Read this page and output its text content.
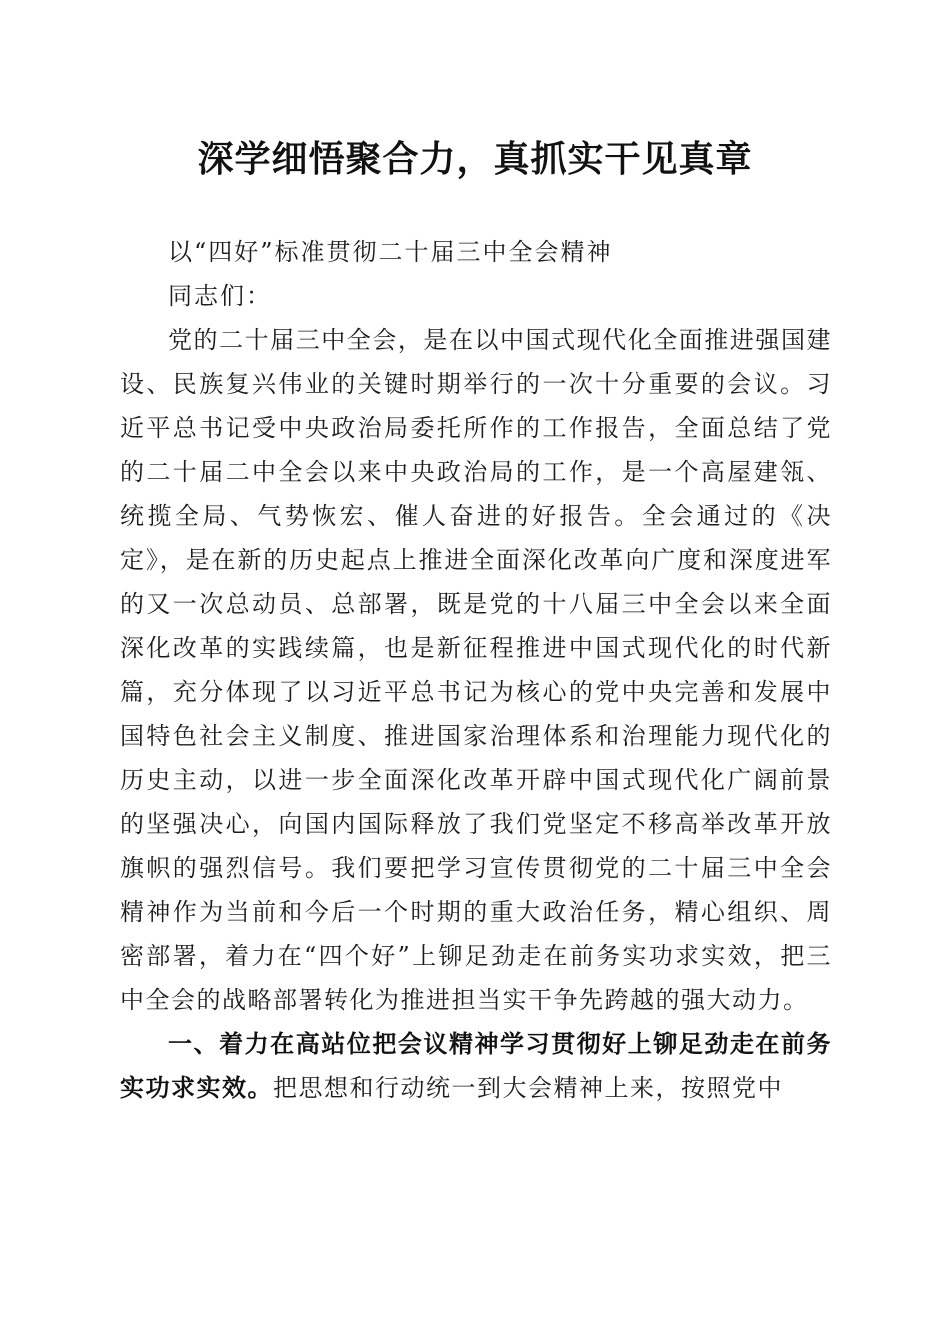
深学细悟聚合力，真抓实干见真章

以“四好”标准贯彻二十届三中全会精神

同志们：

党的二十届三中全会，是在以中国式现代化全面推进强国建设、民族复兴伟业的关键时期举行的一次十分重要的会议。习近平总书记受中央政治局委托所作的工作报告，全面总结了党的二十届二中全会以来中央政治局的工作，是一个高屋建瓴、统揽全局、气势恢宏、催人奋进的好报告。全会通过的《决定》，是在新的历史起点上推进全面深化改革向广度和深度进军的又一次总动员、总部署，既是党的十八届三中全会以来全面深化改革的实践续篇，也是新征程推进中国式现代化的时代新篇，充分体现了以习近平总书记为核心的党中央完善和发展中国特色社会主义制度、推进国家治理体系和治理能力现代化的历史主动，以进一步全面深化改革开辟中国式现代化广阔前景的坚强决心，向国内国际释放了我们党坚定不移高举改革开放旗帜的强烈信号。我们要把学习宣传贯彻党的二十届三中全会精神作为当前和今后一个时期的重大政治任务，精心组织、周密部署，着力在“四个好”上铆足劲走在前务实功求实效，把三中全会的战略部署转化为推进担当实干争先跨越的强大动力。

一、着力在高站位把会议精神学习贯彻好上铆足劲走在前务实功求实效。把思想和行动统一到大会精神上来，按照党中
